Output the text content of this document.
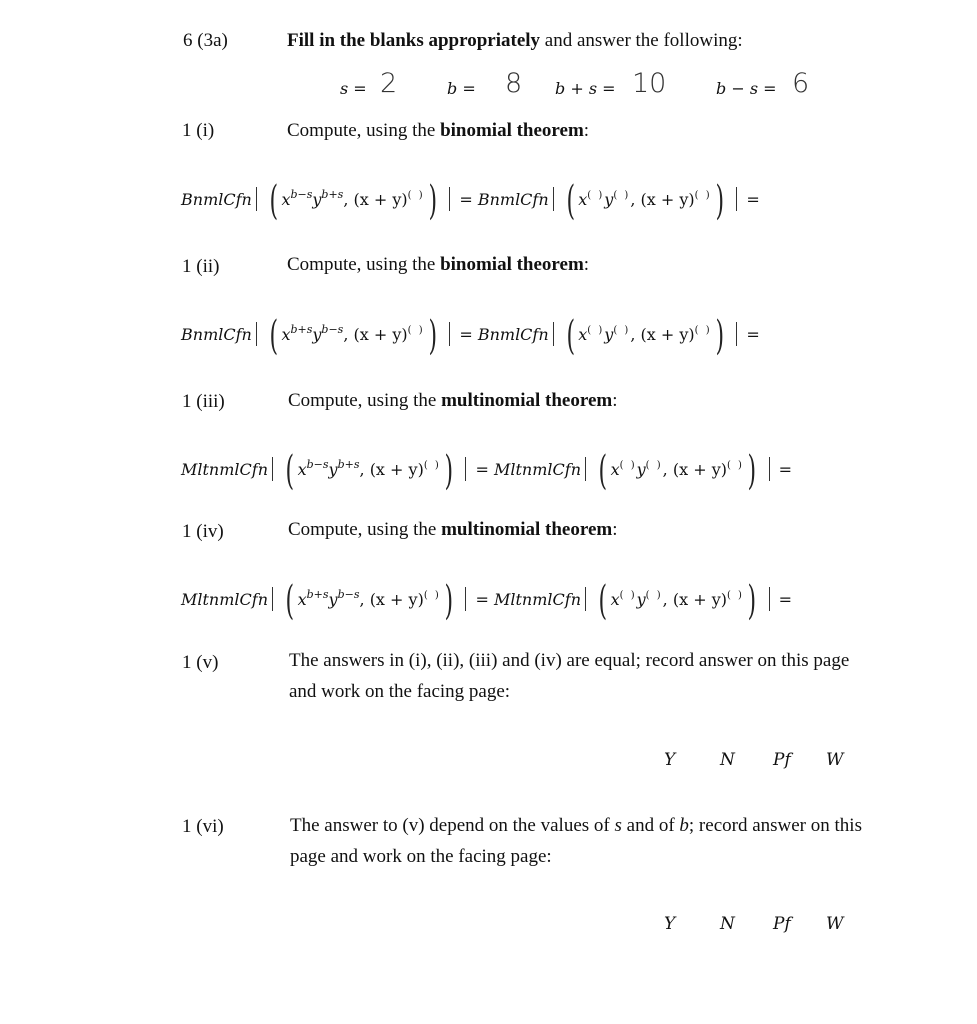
6 (3a)	Fill in the blanks appropriately and answer the following:
s = 2	b = 8 b + s = 10	b − s = 6
1 (i)	Compute, using the binomial theorem:
BnmlCfn ( $x^{b-s}y^{b+s}$, (x + y)( )) = BnmlCfn ( x( )y( ), (x + y)( )) =
1 (ii)	Compute, using the binomial theorem:
BnmlCfn ( $x^{b+s}y^{b-s}$, (x + y)( )) = BnmlCfn ( x( )y( ), (x + y)( )) =
1 (iii)	Compute, using the multinomial theorem:
MltnmlCfn ( $x^{b-s}y^{b+s}$, (x + y)( )) = MltnmlCfn ( x( )y( ), (x + y)( )) =
1 (iv)	Compute, using the multinomial theorem:
MltnmlCfn ( $x^{b+s}y^{b-s}$, (x + y)( )) = MltnmlCfn ( x( )y( ), (x + y)( )) =
1 (v)	The answers in (i), (ii), (iii) and (iv) are equal; record answer on this page and work on the facing page:
Y	N Pf W
1 (vi)	The answer to (v) depend on the values of s and of b; record answer on this page and work on the facing page:
Y	N Pf W
